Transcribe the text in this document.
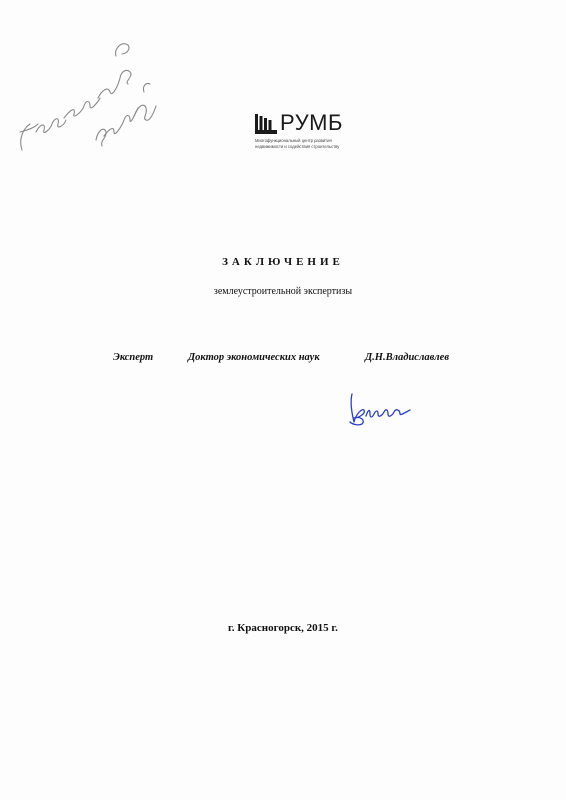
РУМБ
Многофункциональный центр развития
недвижимости и содействия строительству
ЗАКЛЮЧЕНИЕ
землеустроительной экспертизы
Эксперт	Доктор экономических наук	Д.Н.Владиславлев
г. Красногорск, 2015 г.
